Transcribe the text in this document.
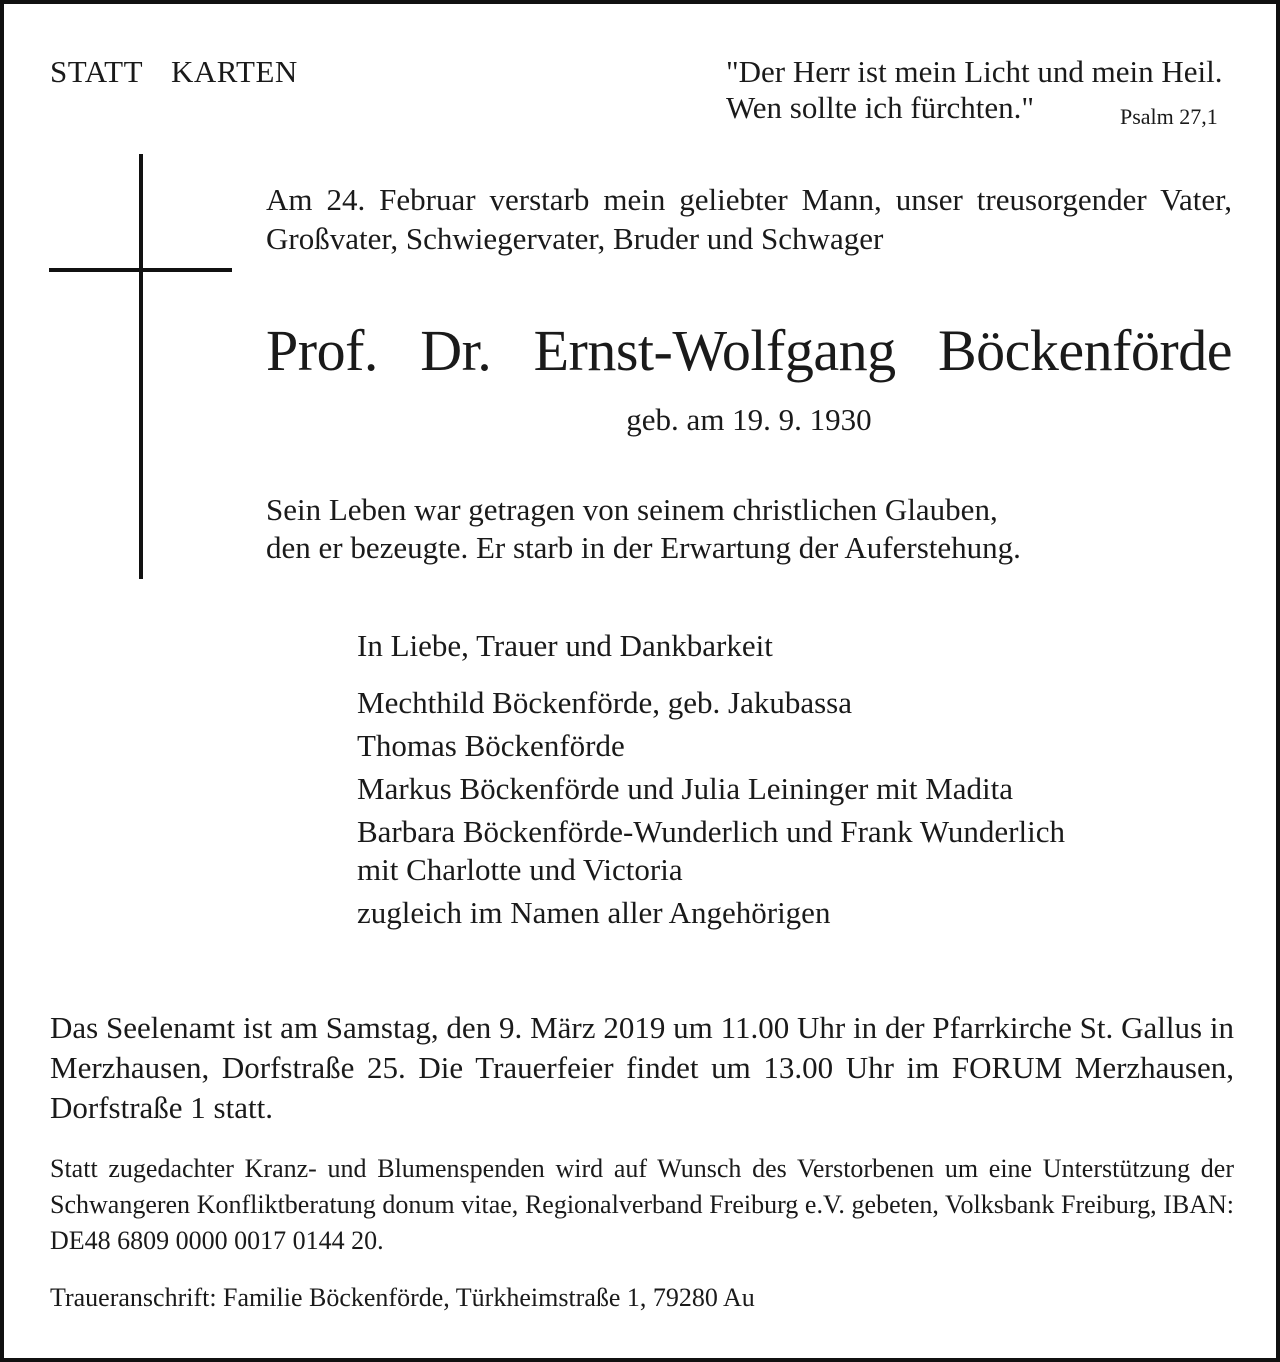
STATT  KARTEN	"Der Herr ist mein Licht und mein Heil.
Wen sollte ich fürchten."	Psalm 27,1
Am 24. Februar verstarb mein geliebter Mann, unser treusorgender Vater, Großvater, Schwiegervater, Bruder und Schwager
Prof. Dr. Ernst-Wolfgang Böckenförde
geb. am 19. 9. 1930
Sein Leben war getragen von seinem christlichen Glauben,
den er bezeugte. Er starb in der Erwartung der Auferstehung.
In Liebe, Trauer und Dankbarkeit
Mechthild Böckenförde, geb. Jakubassa
Thomas Böckenförde
Markus Böckenförde und Julia Leininger mit Madita
Barbara Böckenförde-Wunderlich und Frank Wunderlich
mit Charlotte und Victoria
zugleich im Namen aller Angehörigen
Das Seelenamt ist am Samstag, den 9. März 2019 um 11.00 Uhr in der Pfarrkirche St. Gallus in Merzhausen, Dorfstraße 25. Die Trauerfeier findet um 13.00 Uhr im FORUM Merzhausen, Dorfstraße 1 statt.
Statt zugedachter Kranz- und Blumenspenden wird auf Wunsch des Verstorbenen um eine Unterstützung der Schwangeren Konfliktberatung donum vitae, Regionalverband Freiburg e.V. gebeten, Volksbank Freiburg, IBAN: DE48 6809 0000 0017 0144 20.
Traueranschrift: Familie Böckenförde, Türkheimstraße 1, 79280 Au
